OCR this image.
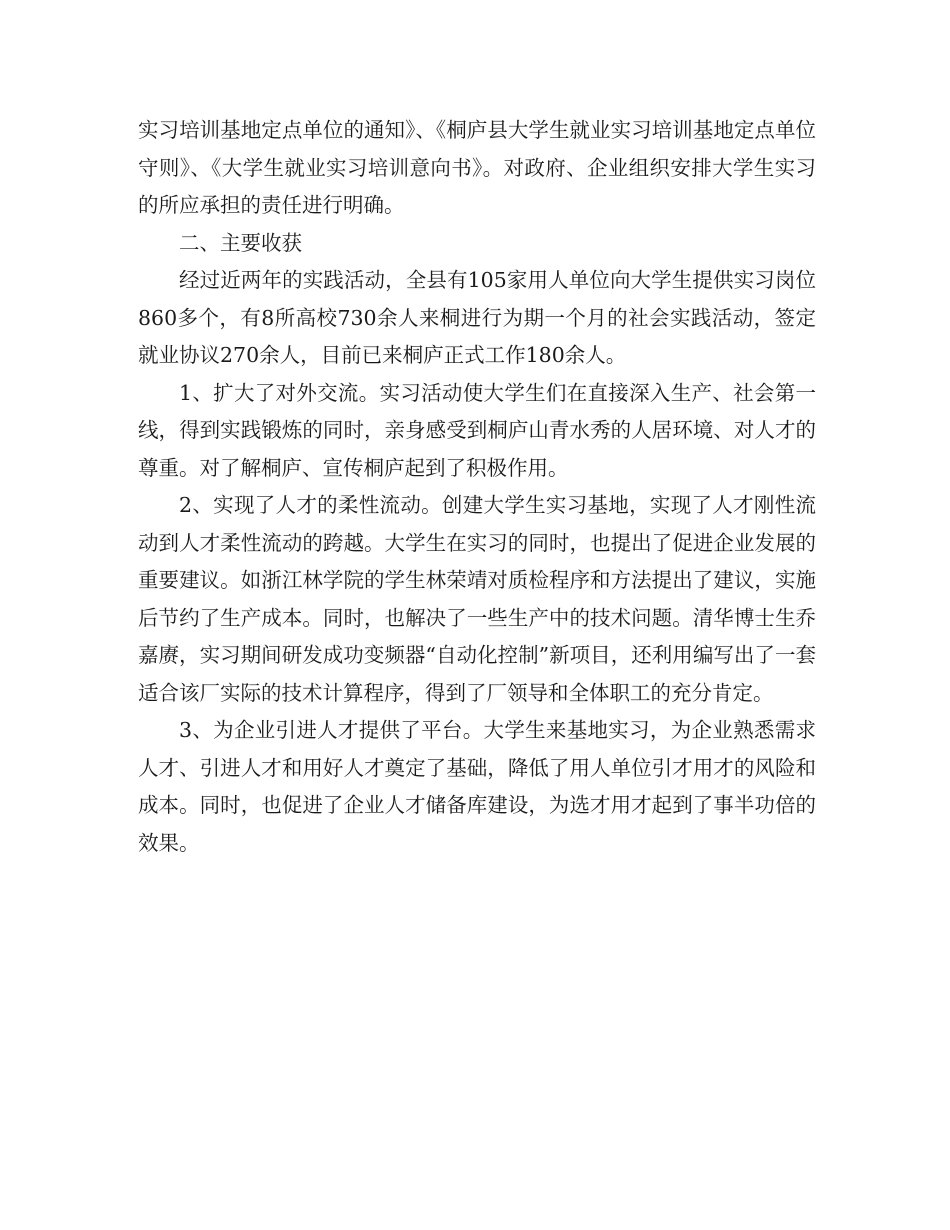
实习培训基地定点单位的通知》、《桐庐县大学生就业实习培训基地定点单位守则》、《大学生就业实习培训意向书》。对政府、企业组织安排大学生实习的所应承担的责任进行明确。

二、主要收获

经过近两年的实践活动，全县有105家用人单位向大学生提供实习岗位860多个，有8所高校730余人来桐进行为期一个月的社会实践活动，签定就业协议270余人，目前已来桐庐正式工作180余人。

1、扩大了对外交流。实习活动使大学生们在直接深入生产、社会第一线，得到实践锻炼的同时，亲身感受到桐庐山青水秀的人居环境、对人才的尊重。对了解桐庐、宣传桐庐起到了积极作用。

2、实现了人才的柔性流动。创建大学生实习基地，实现了人才刚性流动到人才柔性流动的跨越。大学生在实习的同时，也提出了促进企业发展的重要建议。如浙江林学院的学生林荣靖对质检程序和方法提出了建议，实施后节约了生产成本。同时，也解决了一些生产中的技术问题。清华博士生乔嘉赓，实习期间研发成功变频器“自动化控制”新项目，还利用编写出了一套适合该厂实际的技术计算程序，得到了厂领导和全体职工的充分肯定。

3、为企业引进人才提供了平台。大学生来基地实习，为企业熟悉需求人才、引进人才和用好人才奠定了基础，降低了用人单位引才用才的风险和成本。同时，也促进了企业人才储备库建设，为选才用才起到了事半功倍的效果。
